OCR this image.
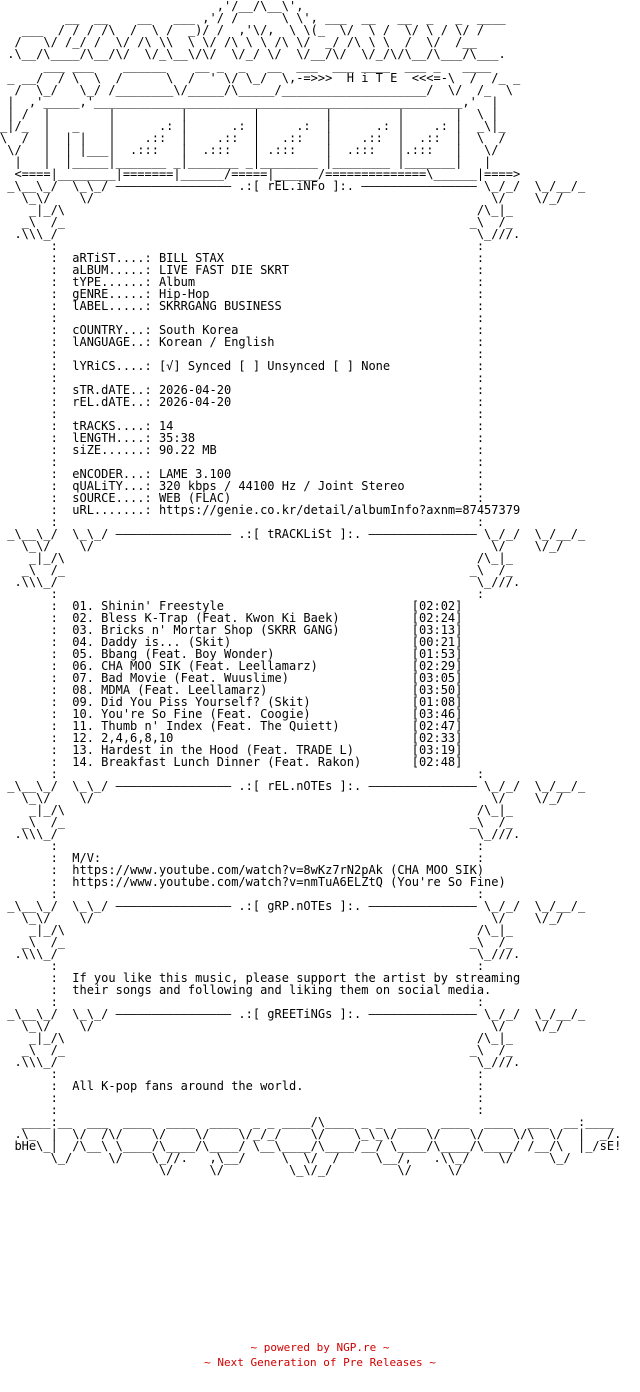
,'/__/\__\',
__  __    __   ___ ,'/ /      \ \', ___  __   __  _   _  ____
___  / / / /\  /  \ /  _)/ /  ,'\/,  \ \(_  \/  \ /  \/ \ / \/ /
/   \/ /_/ /  \/ /\ \\  \ \/ /\ \ \ /\ \/  _/ /\ \ \  /  \/  /__
.\__/\____/\__/\/  \/_\__\/\/  \/_/ \/  \/__/\/  \/_/\/\__/\___/\___.
___ ___    ______    __ _  _   __  ___  ___ ____  ___ _   ____
_ __/  / \  \  /      \  /  ' \/ \_/  \,-=>>>  H i T E  <<<=-\  /  /_ _
/  \_/   \_/ /________\/_____/\_____/____________________/  \/  /_  \
|  ,'_____,'___________________________________________________,'  |
| /  |        |         |         |         |         |       |  \ |
_|/_  |   _    |      .: |      .: |     .:  |      .: |    .: |  _\|_
\  /  |  | |   |    .::  |    .::  |   .::   |    .::  |  .::  |  \  /
\/   |  | |___|  .:::   |  .:::   | .:::    |  .:::   |.:::   |   \/
|   |  |_____|_______ _|_______ _|________ |________ |_______|   |
<====|________|=======|______/=====|______/==============\______|====>
_\__\_/  \_\_/ ———————————————— .:[ rEL.iNFo ]:. ———————————————— \_/_/  \_/__/_
\_\/    \/                                                       \/    \/_/
_|_/\                                                         /\_|_
_\  /_                                                        _\  /_
.\\\_/                                                          \_///.
:                                                          :
:  aRTiST....: BILL STAX                                   :
:  aLBUM.....: LIVE FAST DIE SKRT                          :
:  tYPE......: Album                                       :
:  gENRE.....: Hip-Hop                                     :
:  lABEL.....: SKRRGANG BUSINESS                           :
:                                                          :
:  cOUNTRY...: South Korea                                 :
:  lANGUAGE..: Korean / English                            :
:                                                          :
:  lYRiCS....: [√] Synced [ ] Unsynced [ ] None            :
:                                                          :
:  sTR.dATE..: 2026-04-20                                  :
:  rEL.dATE..: 2026-04-20                                  :
:                                                          :
:  tRACKS....: 14                                          :
:  lENGTH....: 35:38                                       :
:  siZE......: 90.22 MB                                    :
:                                                          :
:  eNCODER...: LAME 3.100                                  :
:  qUALiTY...: 320 kbps / 44100 Hz / Joint Stereo          :
:  sOURCE....: WEB (FLAC)                                  :
:  uRL.......: https://genie.co.kr/detail/albumInfo?axnm=87457379
:                                                          :
_\__\_/  \_\_/ ———————————————— .:[ tRACKLiSt ]:. ——————————————— \_/_/  \_/__/_
\_\/    \/                                                       \/    \/_/
_|_/\                                                         /\_|_
_\  /_                                                        _\  /_
.\\\_/                                                          \_///.
:                                                          :
:  01. Shinin' Freestyle                          [02:02]
:  02. Bless K-Trap (Feat. Kwon Ki Baek)          [02:24]
:  03. Bricks n' Mortar Shop (SKRR GANG)          [03:13]
:  04. Daddy is... (Skit)                         [00:21]
:  05. Bbang (Feat. Boy Wonder)                   [01:53]
:  06. CHA MOO SIK (Feat. Leellamarz)             [02:29]
:  07. Bad Movie (Feat. Wuuslime)                 [03:05]
:  08. MDMA (Feat. Leellamarz)                    [03:50]
:  09. Did You Piss Yourself? (Skit)              [01:08]
:  10. You're So Fine (Feat. Coogie)              [03:46]
:  11. Thumb n' Index (Feat. The Quiett)          [02:47]
:  12. 2,4,6,8,10                                 [02:33]
:  13. Hardest in the Hood (Feat. TRADE L)        [03:19]
:  14. Breakfast Lunch Dinner (Feat. Rakon)       [02:48]
:                                                          :
_\__\_/  \_\_/ ———————————————— .:[ rEL.nOTEs ]:. ——————————————— \_/_/  \_/__/_
\_\/    \/                                                       \/    \/_/
_|_/\                                                         /\_|_
_\  /_                                                        _\  /_
.\\\_/                                                          \_///.
:                                                          :
:  M/V:                                                    :
:  https://www.youtube.com/watch?v=8wKz7rN2pAk (CHA MOO SIK)
:  https://www.youtube.com/watch?v=nmTuA6ELZtQ (You're So Fine)
:                                                          :
_\__\_/  \_\_/ ———————————————— .:[ gRP.nOTEs ]:. ——————————————— \_/_/  \_/__/_
\_\/    \/                                                       \/    \/_/
_|_/\                                                         /\_|_
_\  /_                                                        _\  /_
.\\\_/                                                          \_///.
:                                                          :
:  If you like this music, please support the artist by streaming
:  their songs and following and liking them on social media.
:                                                          :
_\__\_/  \_\_/ ———————————————— .:[ gREETiNGs ]:. ——————————————— \_/_/  \_/__/_
\_\/    \/                                                       \/    \/_/
_|_/\                                                         /\_|_
_\  /_                                                        _\  /_
.\\\_/                                                          \_///.
:                                                          :
:  All K-pop fans around the world.                        :
:                                                          :
:                                                          :
____:__  ___  ____  ____  ____  _ _ ____/\____ _ _  ____  ____  ____  ___  __:____
.\_  |  \/  /\/    \/    \/    \/_/_/    \/    \_\_\/    \/    \/    \/\  \/  |  _/.
bHe\_|  /\__\ \____/\____/\____/ \__\____/\____/__/ \____/\____/\____/ /__/\  |_/sE!
\_/     \/    \_//.   ,\__/     \  \/  /     \__/,   .\\_/    \/     \_/
\/     \/         \_\/_/         \/     \/
~ powered by NGP.re ~
~ Next Generation of Pre Releases ~
